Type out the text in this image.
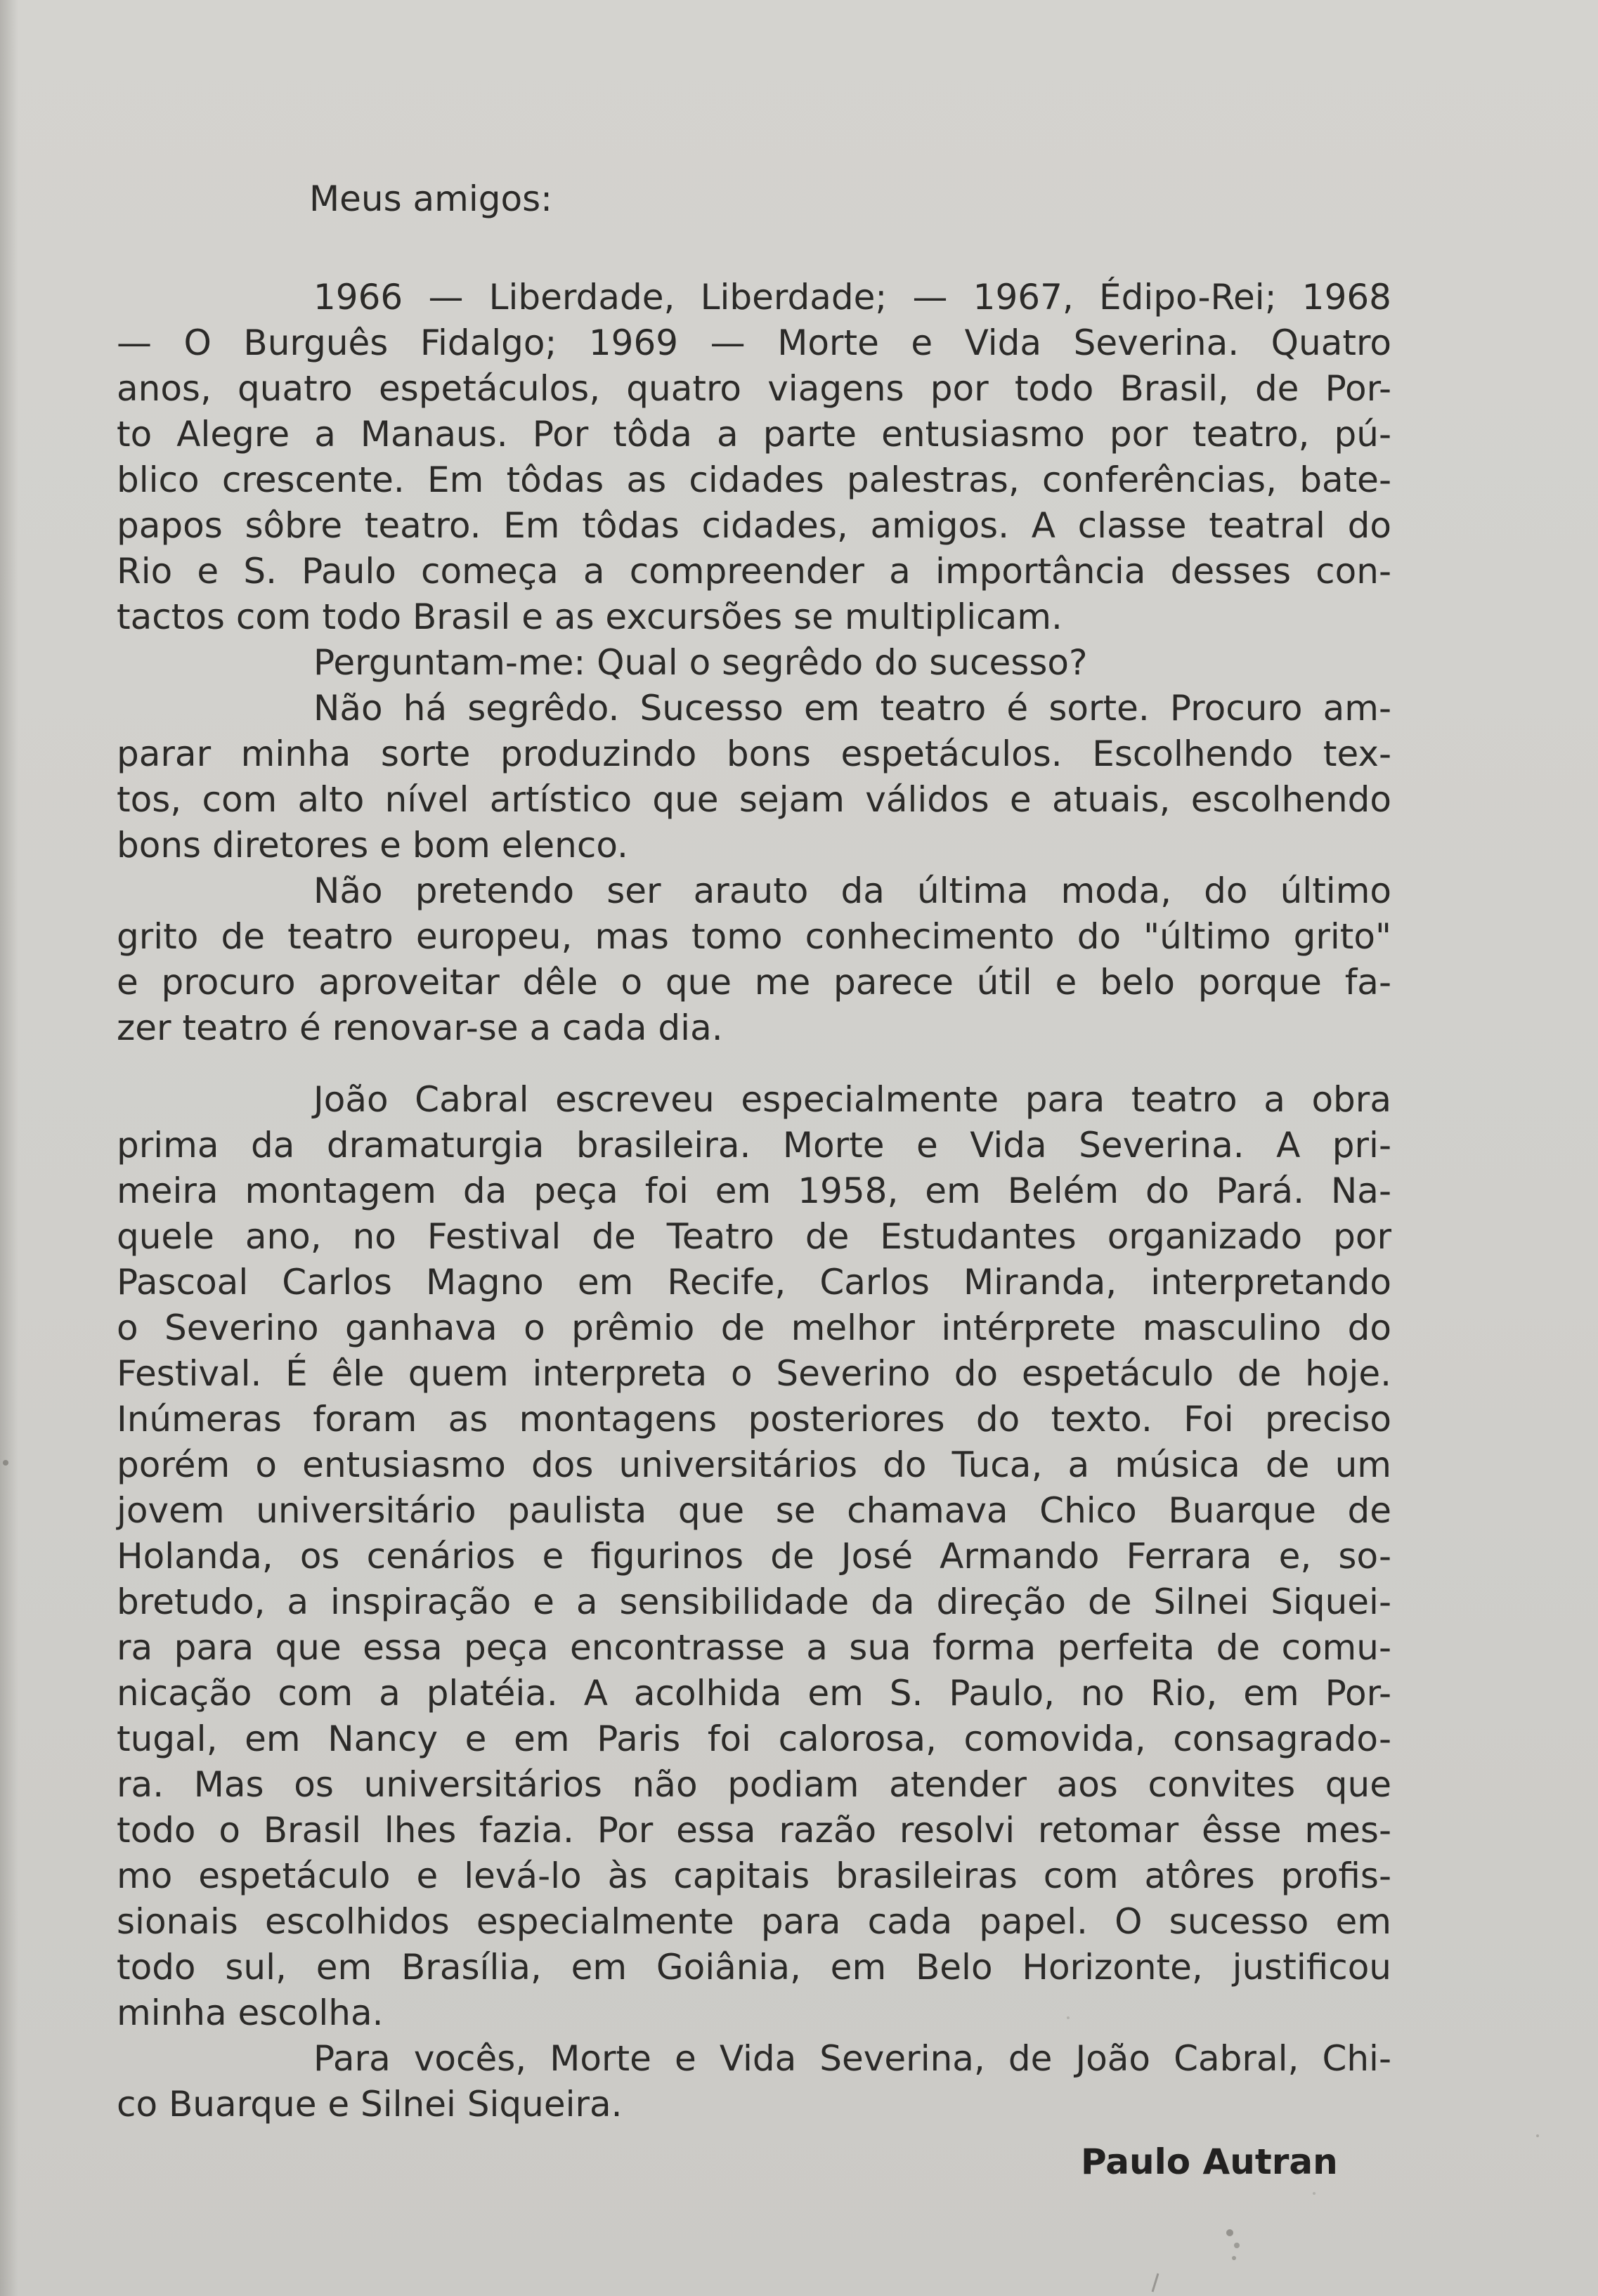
Meus amigos:

1966 — Liberdade, Liberdade; — 1967, Édipo-Rei; 1968

— O Burguês Fidalgo; 1969 — Morte e Vida Severina. Quatro

anos, quatro espetáculos, quatro viagens por todo Brasil, de Por-

to Alegre a Manaus. Por tôda a parte entusiasmo por teatro, pú-

blico crescente. Em tôdas as cidades palestras, conferências, bate-

papos sôbre teatro. Em tôdas cidades, amigos. A classe teatral do

Rio e S. Paulo começa a compreender a importância desses con-

tactos com todo Brasil e as excursões se multiplicam.

Perguntam-me: Qual o segrêdo do sucesso?

Não há segrêdo. Sucesso em teatro é sorte. Procuro am-

parar minha sorte produzindo bons espetáculos. Escolhendo tex-

tos, com alto nível artístico que sejam válidos e atuais, escolhendo

bons diretores e bom elenco.

Não pretendo ser arauto da última moda, do último

grito de teatro europeu, mas tomo conhecimento do "último grito"

e procuro aproveitar dêle o que me parece útil e belo porque fa-

zer teatro é renovar-se a cada dia.

João Cabral escreveu especialmente para teatro a obra

prima da dramaturgia brasileira. Morte e Vida Severina. A pri-

meira montagem da peça foi em 1958, em Belém do Pará. Na-

quele ano, no Festival de Teatro de Estudantes organizado por

Pascoal Carlos Magno em Recife, Carlos Miranda, interpretando

o Severino ganhava o prêmio de melhor intérprete masculino do

Festival. É êle quem interpreta o Severino do espetáculo de hoje.

Inúmeras foram as montagens posteriores do texto. Foi preciso

porém o entusiasmo dos universitários do Tuca, a música de um

jovem universitário paulista que se chamava Chico Buarque de

Holanda, os cenários e figurinos de José Armando Ferrara e, so-

bretudo, a inspiração e a sensibilidade da direção de Silnei Siquei-

ra para que essa peça encontrasse a sua forma perfeita de comu-

nicação com a platéia. A acolhida em S. Paulo, no Rio, em Por-

tugal, em Nancy e em Paris foi calorosa, comovida, consagrado-

ra. Mas os universitários não podiam atender aos convites que

todo o Brasil lhes fazia. Por essa razão resolvi retomar êsse mes-

mo espetáculo e levá-lo às capitais brasileiras com atôres profis-

sionais escolhidos especialmente para cada papel. O sucesso em

todo sul, em Brasília, em Goiânia, em Belo Horizonte, justificou

minha escolha.

Para vocês, Morte e Vida Severina, de João Cabral, Chi-

co Buarque e Silnei Siqueira.

Paulo Autran
